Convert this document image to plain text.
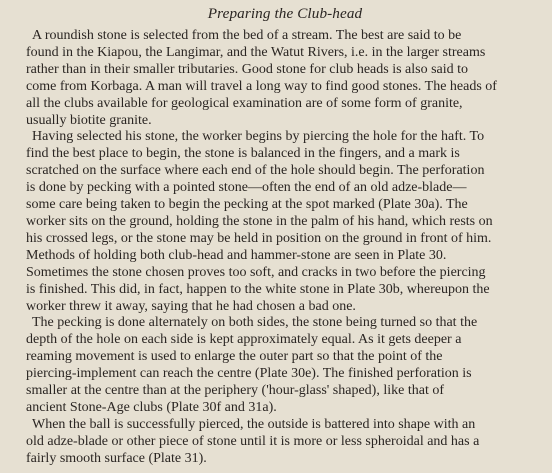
Preparing the Club-head

A roundish stone is selected from the bed of a stream. The best are said to be
found in the Kiapou, the Langimar, and the Watut Rivers, i.e. in the larger streams
rather than in their smaller tributaries. Good stone for club heads is also said to
come from Korbaga. A man will travel a long way to find good stones. The heads of
all the clubs available for geological examination are of some form of granite,
usually biotite granite.

Having selected his stone, the worker begins by piercing the hole for the haft. To
find the best place to begin, the stone is balanced in the fingers, and a mark is
scratched on the surface where each end of the hole should begin. The perforation
is done by pecking with a pointed stone—often the end of an old adze-blade—
some care being taken to begin the pecking at the spot marked (Plate 30a). The
worker sits on the ground, holding the stone in the palm of his hand, which rests on
his crossed legs, or the stone may be held in position on the ground in front of him.
Methods of holding both club-head and hammer-stone are seen in Plate 30.
Sometimes the stone chosen proves too soft, and cracks in two before the piercing
is finished. This did, in fact, happen to the white stone in Plate 30b, whereupon the
worker threw it away, saying that he had chosen a bad one.

The pecking is done alternately on both sides, the stone being turned so that the
depth of the hole on each side is kept approximately equal. As it gets deeper a
reaming movement is used to enlarge the outer part so that the point of the
piercing-implement can reach the centre (Plate 30e). The finished perforation is
smaller at the centre than at the periphery ('hour-glass' shaped), like that of
ancient Stone-Age clubs (Plate 30f and 31a).

When the ball is successfully pierced, the outside is battered into shape with an
old adze-blade or other piece of stone until it is more or less spheroidal and has a
fairly smooth surface (Plate 31).
